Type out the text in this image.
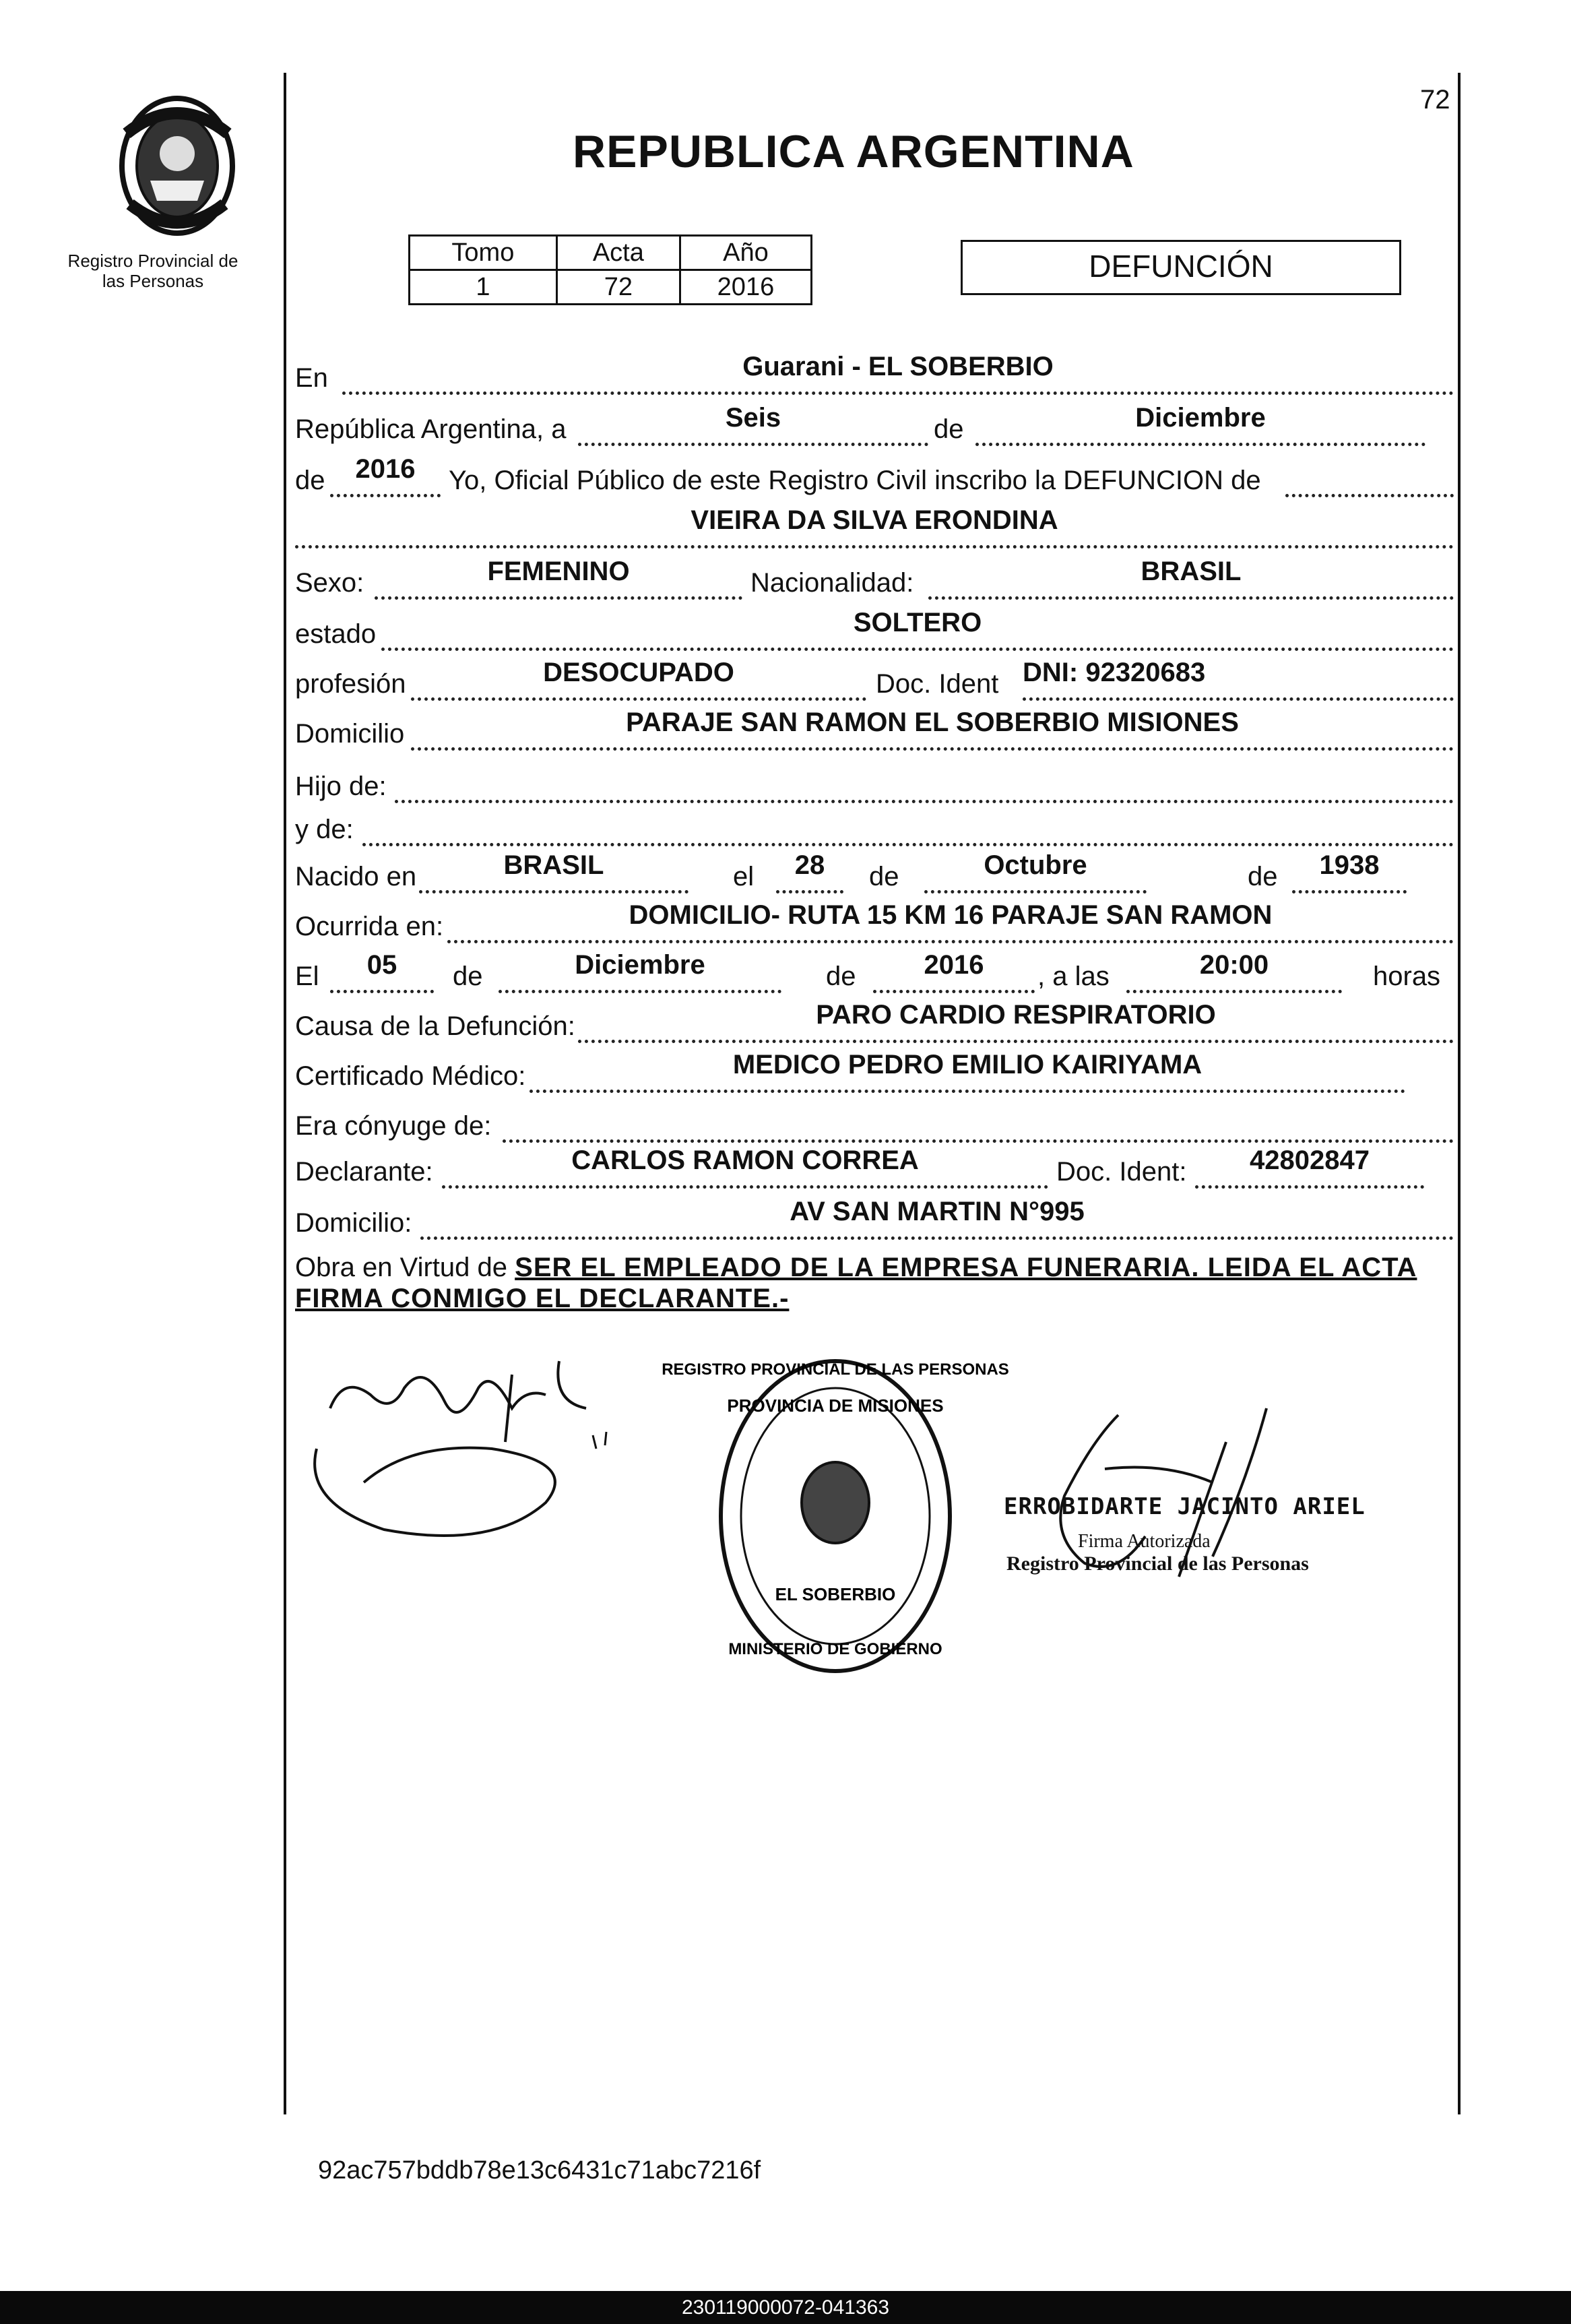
Registro Provincial de
las Personas
72
REPUBLICA ARGENTINA
Tomo	Acta	Año
1	72	2016
DEFUNCIÓN
En	Guarani - EL SOBERBIO
República Argentina, a	Seis	de	Diciembre
de	2016	Yo, Oficial Público de este Registro Civil inscribo la DEFUNCION de
VIEIRA DA SILVA ERONDINA
Sexo:	FEMENINO	Nacionalidad:	BRASIL
estado	SOLTERO
profesión	DESOCUPADO	Doc. Ident DNI: 92320683
Domicilio	PARAJE SAN RAMON EL SOBERBIO MISIONES
Hijo de:
y de:
Nacido en	BRASIL	el	28	de	Octubre	de	1938
Ocurrida en:	DOMICILIO- RUTA 15 KM 16 PARAJE SAN RAMON
El	05	de	Diciembre	de	2016	, a las	20:00	horas
Causa de la Defunción:	PARO CARDIO RESPIRATORIO
Certificado Médico:	MEDICO PEDRO EMILIO KAIRIYAMA
Era cónyuge de:
Declarante:	CARLOS RAMON CORREA	Doc. Ident:	42802847
Domicilio:	AV SAN MARTIN N°995
Obra en Virtud de SER EL EMPLEADO DE LA EMPRESA FUNERARIA. LEIDA EL ACTA FIRMA CONMIGO EL DECLARANTE.-
PROVINCIA DE MISIONES
REGISTRO PROVINCIAL DE LAS PERSONAS
EL SOBERBIO
MINISTERIO DE GOBIERNO
ERROBIDARTE JACINTO ARIEL
Firma Autorizada
Registro Provincial de las Personas
92ac757bddb78e13c6431c71abc7216f
230119000072-041363
